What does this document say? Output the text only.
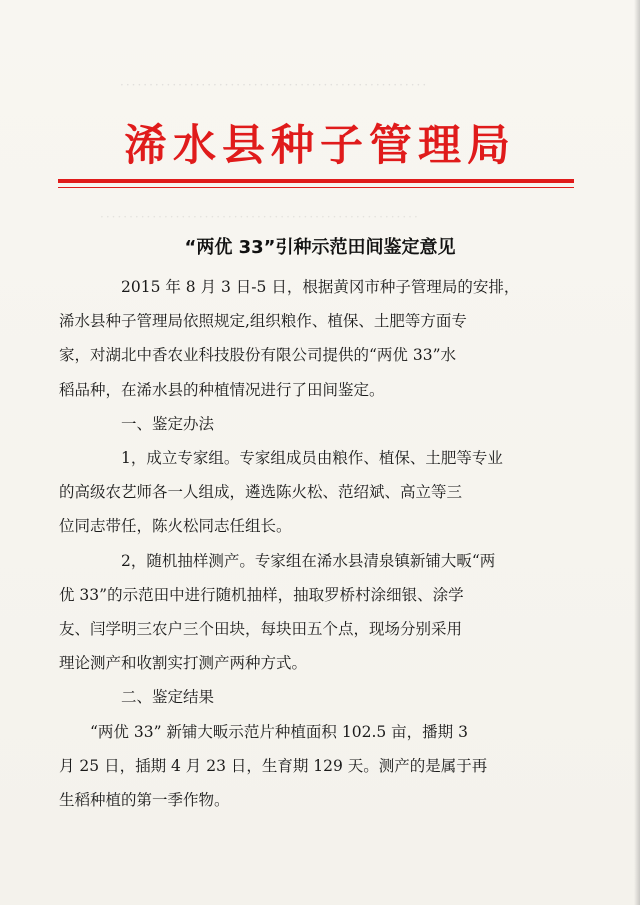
·····················································
·······················································
浠水县种子管理局
“两优 33”引种示范田间鉴定意见

2015 年 8 月 3 日-5 日，根据黄冈市种子管理局的安排，
浠水县种子管理局依照规定,组织粮作、植保、土肥等方面专
家，对湖北中香农业科技股份有限公司提供的“两优 33”水
稻品种，在浠水县的种植情况进行了田间鉴定。

一、鉴定办法

1，成立专家组。专家组成员由粮作、植保、土肥等专业
的高级农艺师各一人组成，遴选陈火松、范绍斌、高立等三
位同志带任，陈火松同志任组长。

2，随机抽样测产。专家组在浠水县清泉镇新铺大畈“两
优 33”的示范田中进行随机抽样，抽取罗桥村涂细银、涂学
友、闫学明三农户三个田块，每块田五个点，现场分别采用
理论测产和收割实打测产两种方式。

二、鉴定结果

“两优 33” 新铺大畈示范片种植面积 102.5 亩，播期 3
月 25 日，插期 4 月 23 日，生育期 129 天。测产的是属于再
生稻种植的第一季作物。
